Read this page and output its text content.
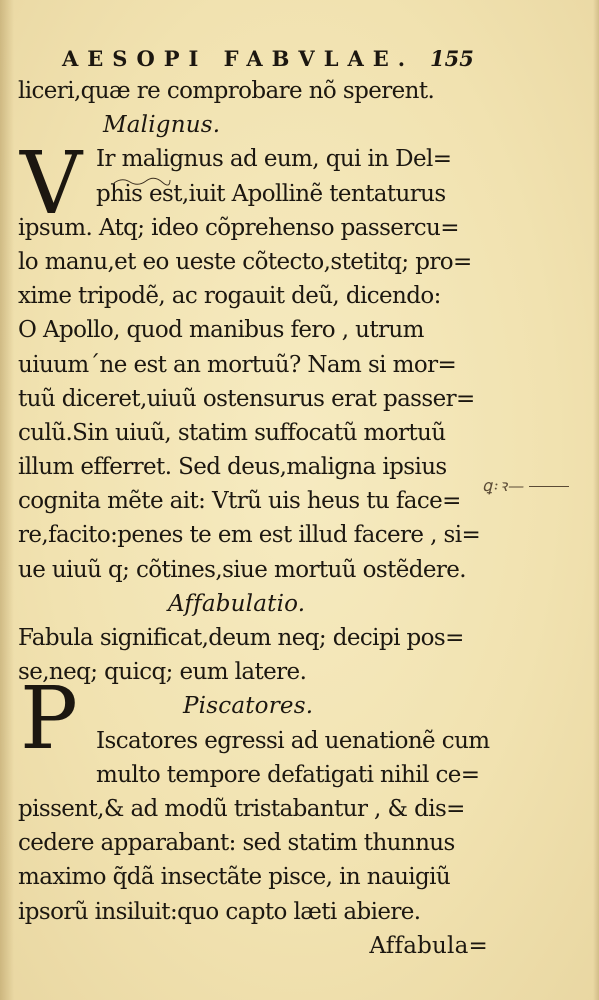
AESOPI FABVLAE. 155
V
P
ꝗ꞉ꝛ—
liceri,quæ re comprobare nõ sperent.
Malignus.
Ir malignus ad eum, qui in Del=
phis est,iuit Apollinẽ tentaturus
ipsum. Atq; ideo cõprehenso passercu=
lo manu,et eo ueste cõtecto,stetitq; pro=
xime tripodẽ, ac rogauit deũ, dicendo:
O Apollo, quod manibus fero , utrum
uiuum´ne est an mortuũ? Nam si mor=
tuũ diceret,uiuũ ostensurus erat passer=
culũ.Sin uiuũ, statim suffocatũ mortuũ
illum efferret. Sed deus,maligna ipsius
cognita mẽte ait: Vtrũ uis heus tu face=
re,facito:penes te em est illud facere , si=
ue uiuũ q; cõtines,siue mortuũ ostẽdere.
Affabulatio.
Fabula significat,deum neq; decipi pos=
se,neq; quicq; eum latere.
Piscatores.
Iscatores egressi ad uenationẽ cum
multo tempore defatigati nihil ce=
pissent,& ad modũ tristabantur , & dis=
cedere apparabant: sed statim thunnus
maximo q̃dã insectãte pisce, in nauigiũ
ipsorũ insiluit:quo capto læti abiere.
Affabula=
